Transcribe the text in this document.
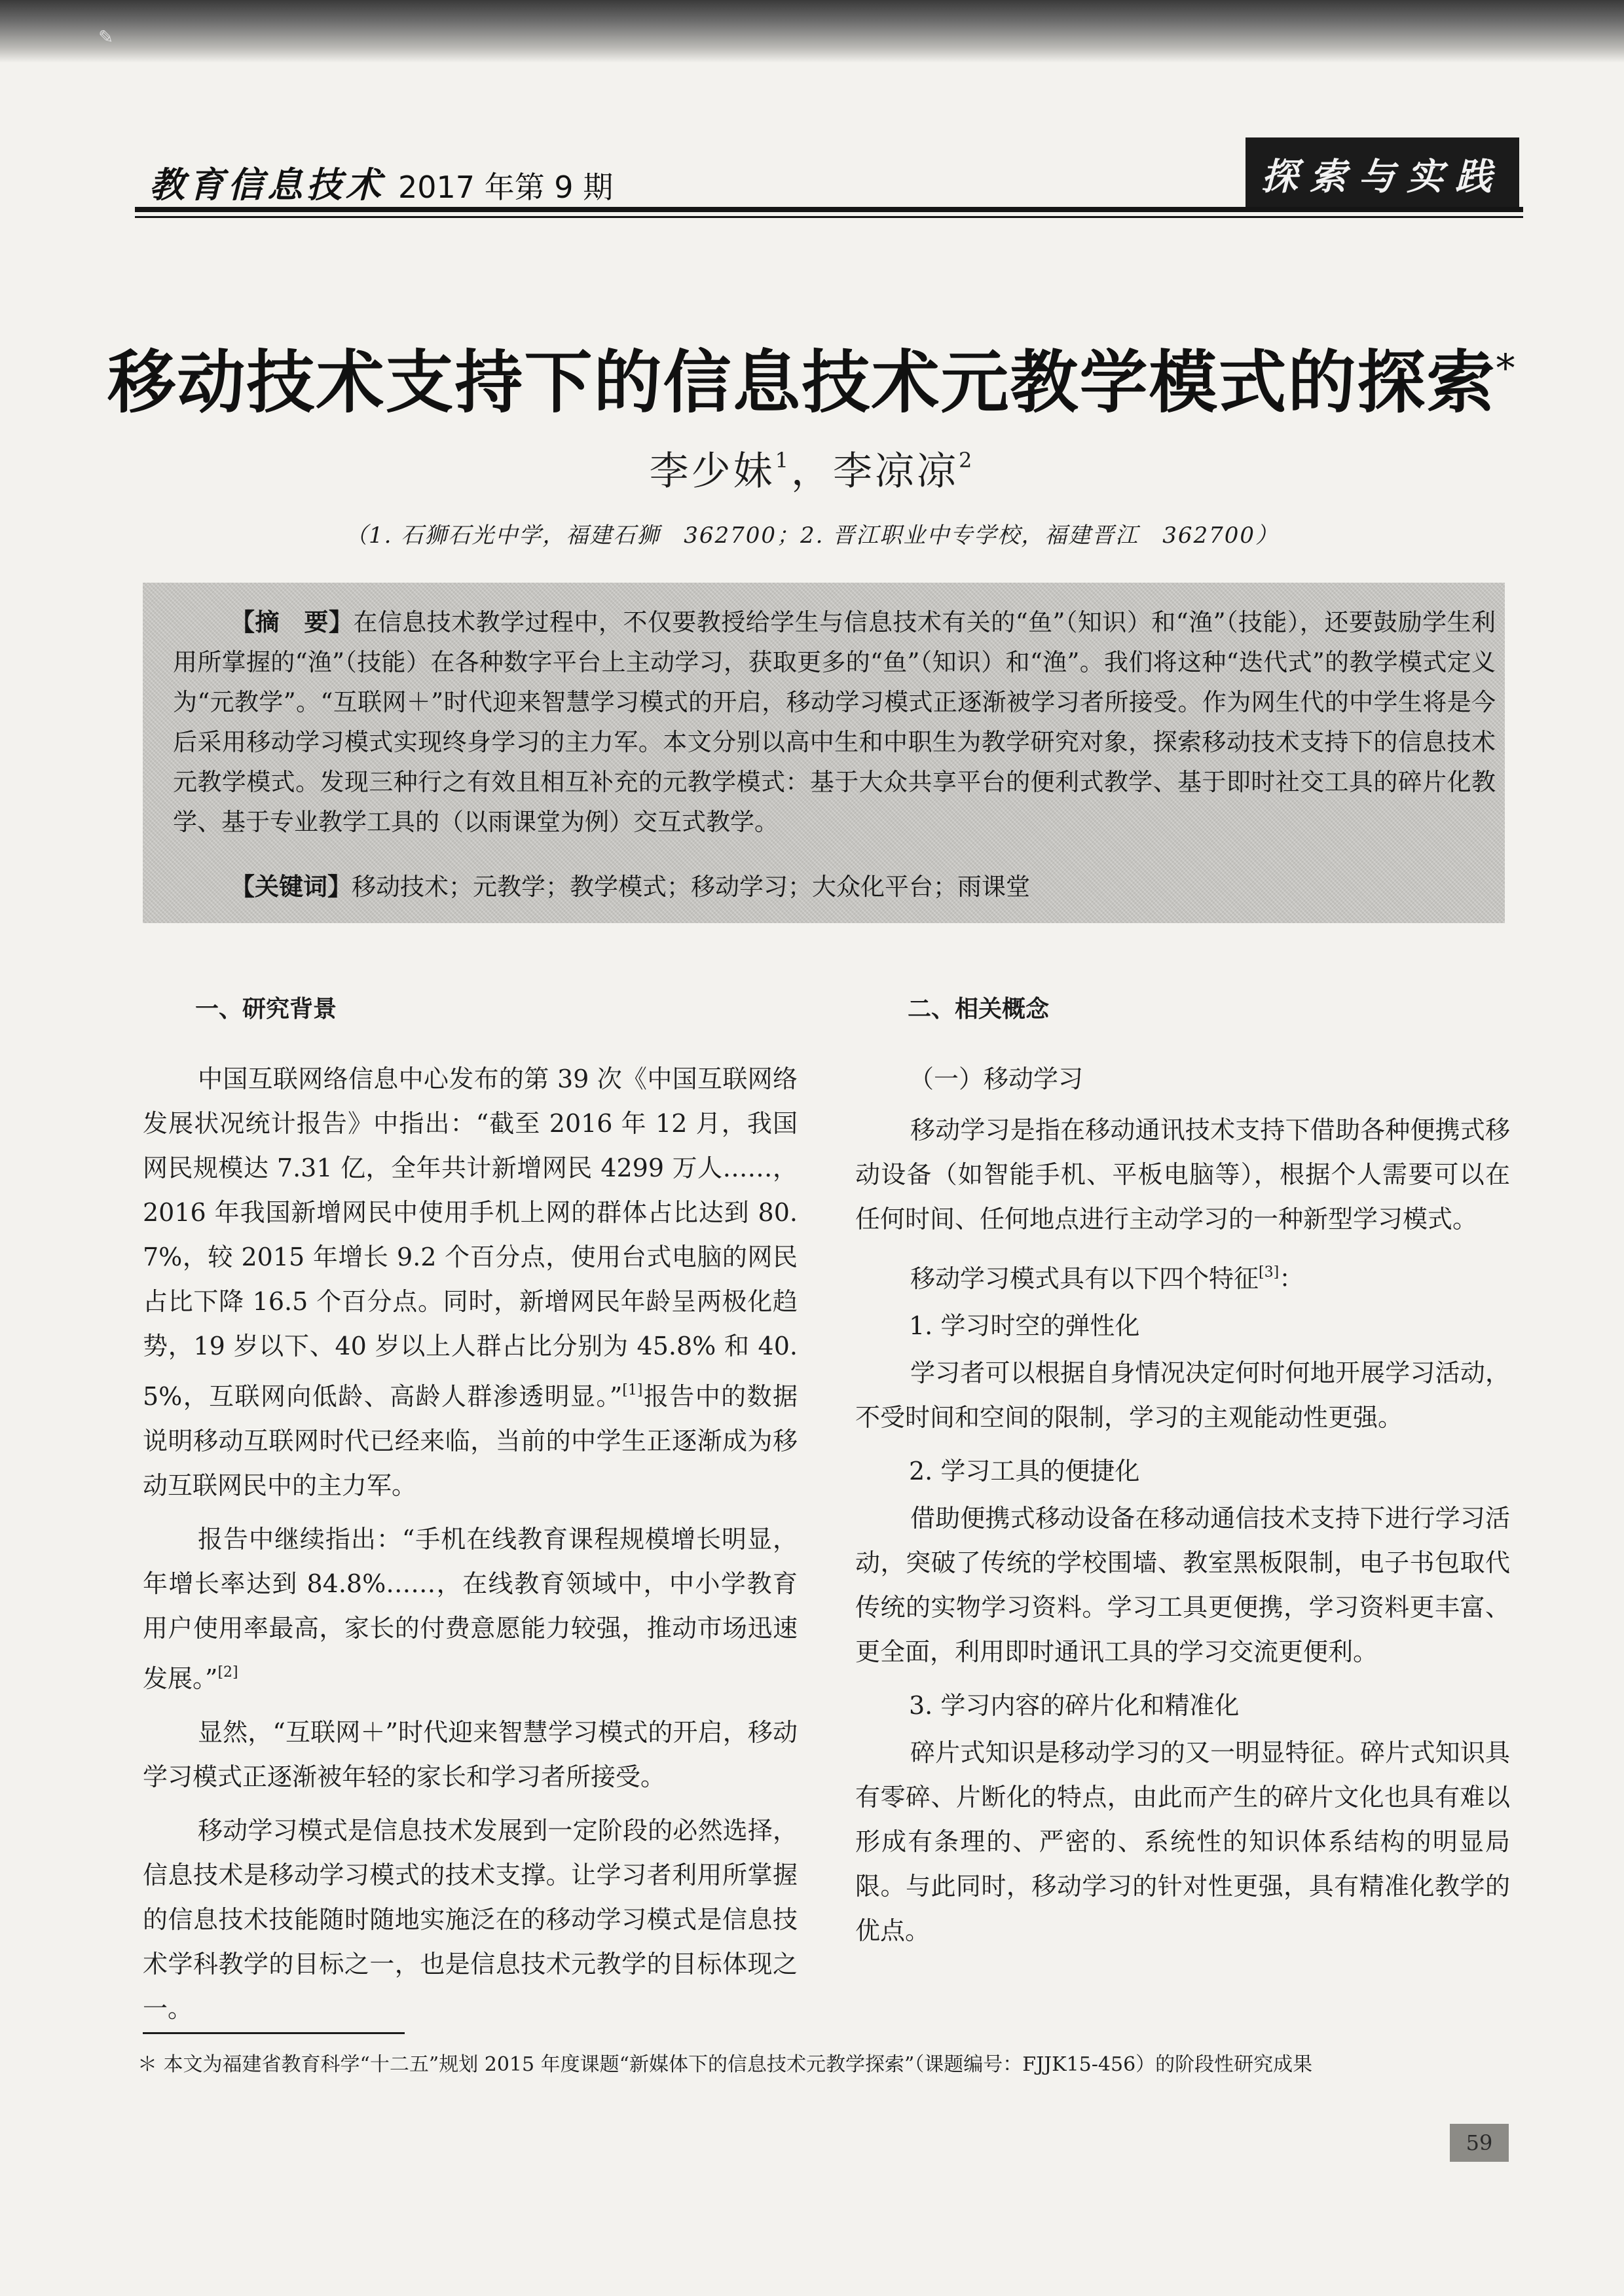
✎
教育信息技术 2017 年第 9 期	探索与实践
移动技术支持下的信息技术元教学模式的探索*
李少妹$^1$，李凉凉$^2$
（1. 石狮石光中学，福建石狮　362700；2. 晋江职业中专学校，福建晋江　362700）
【摘　要】在信息技术教学过程中，不仅要教授给学生与信息技术有关的“鱼”（知识）和“渔”（技能），还要鼓励学生利用所掌握的“渔”（技能）在各种数字平台上主动学习，获取更多的“鱼”（知识）和“渔”。我们将这种“迭代式”的教学模式定义为“元教学”。“互联网＋”时代迎来智慧学习模式的开启，移动学习模式正逐渐被学习者所接受。作为网生代的中学生将是今后采用移动学习模式实现终身学习的主力军。本文分别以高中生和中职生为教学研究对象，探索移动技术支持下的信息技术元教学模式。发现三种行之有效且相互补充的元教学模式：基于大众共享平台的便利式教学、基于即时社交工具的碎片化教学、基于专业教学工具的（以雨课堂为例）交互式教学。
【关键词】移动技术；元教学；教学模式；移动学习；大众化平台；雨课堂
一、研究背景

中国互联网络信息中心发布的第 39 次《中国互联网络发展状况统计报告》中指出：“截至 2016 年 12 月，我国网民规模达 7.31 亿，全年共计新增网民 4299 万人……，2016 年我国新增网民中使用手机上网的群体占比达到 80.7%，较 2015 年增长 9.2 个百分点，使用台式电脑的网民占比下降 16.5 个百分点。同时，新增网民年龄呈两极化趋势，19 岁以下、40 岁以上人群占比分别为 45.8% 和 40.5%，互联网向低龄、高龄人群渗透明显。”[1]报告中的数据说明移动互联网时代已经来临，当前的中学生正逐渐成为移动互联网民中的主力军。

报告中继续指出：“手机在线教育课程规模增长明显，年增长率达到 84.8%……，在线教育领域中，中小学教育用户使用率最高，家长的付费意愿能力较强，推动市场迅速发展。”[2]

显然，“互联网＋”时代迎来智慧学习模式的开启，移动学习模式正逐渐被年轻的家长和学习者所接受。

移动学习模式是信息技术发展到一定阶段的必然选择，信息技术是移动学习模式的技术支撑。让学习者利用所掌握的信息技术技能随时随地实施泛在的移动学习模式是信息技术学科教学的目标之一，也是信息技术元教学的目标体现之一。

二、相关概念
（一）移动学习

移动学习是指在移动通讯技术支持下借助各种便携式移动设备（如智能手机、平板电脑等），根据个人需要可以在任何时间、任何地点进行主动学习的一种新型学习模式。

移动学习模式具有以下四个特征[3]：

1. 学习时空的弹性化

学习者可以根据自身情况决定何时何地开展学习活动，不受时间和空间的限制，学习的主观能动性更强。

2. 学习工具的便捷化

借助便携式移动设备在移动通信技术支持下进行学习活动，突破了传统的学校围墙、教室黑板限制，电子书包取代传统的实物学习资料。学习工具更便携，学习资料更丰富、更全面，利用即时通讯工具的学习交流更便利。

3. 学习内容的碎片化和精准化

碎片式知识是移动学习的又一明显特征。碎片式知识具有零碎、片断化的特点，由此而产生的碎片文化也具有难以形成有条理的、严密的、系统性的知识体系结构的明显局限。与此同时，移动学习的针对性更强，具有精准化教学的优点。

＊ 本文为福建省教育科学“十二五”规划 2015 年度课题“新媒体下的信息技术元教学探索”（课题编号：FJJK15-456）的阶段性研究成果
59
